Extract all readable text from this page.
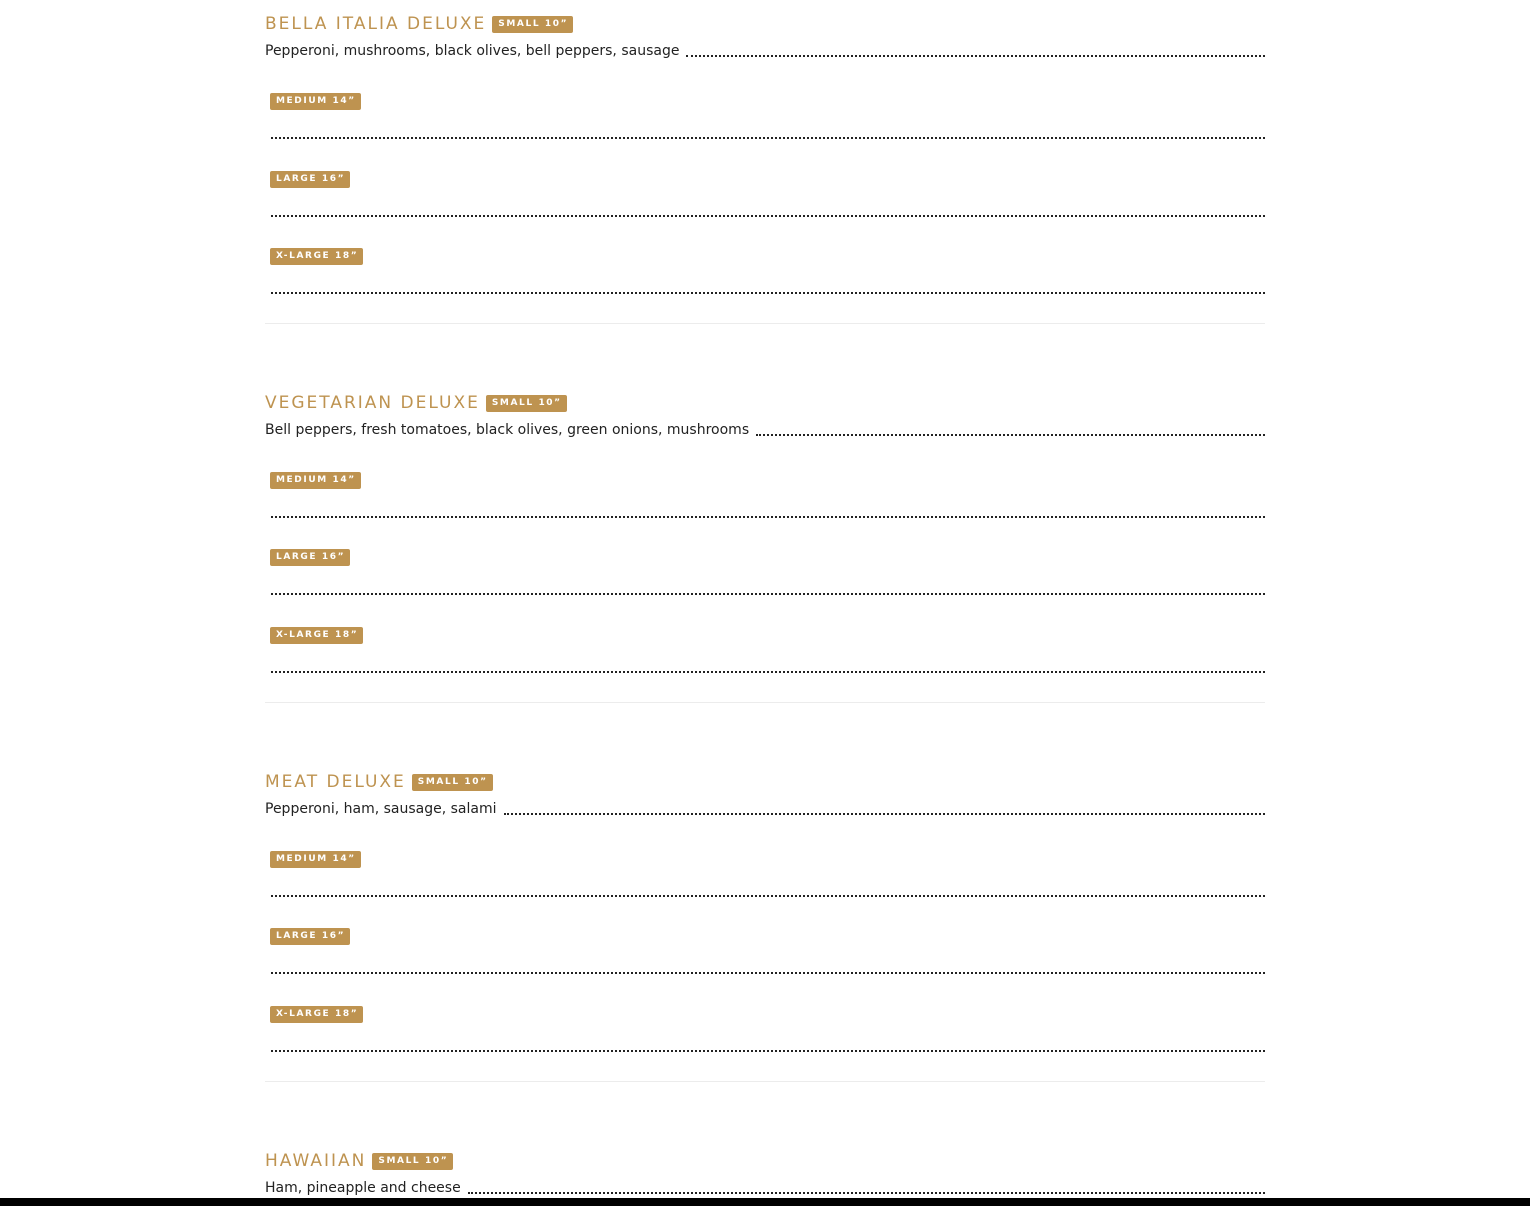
BELLA ITALIA DELUXE	SMALL 10”
Pepperoni, mushrooms, black olives, bell peppers, sausage
MEDIUM 14”
LARGE 16”
X-LARGE 18”
VEGETARIAN DELUXE	SMALL 10”
Bell peppers, fresh tomatoes, black olives, green onions, mushrooms
MEDIUM 14”
LARGE 16”
X-LARGE 18”
MEAT DELUXE	SMALL 10”
Pepperoni, ham, sausage, salami
MEDIUM 14”
LARGE 16”
X-LARGE 18”
HAWAIIAN	SMALL 10”
Ham, pineapple and cheese
